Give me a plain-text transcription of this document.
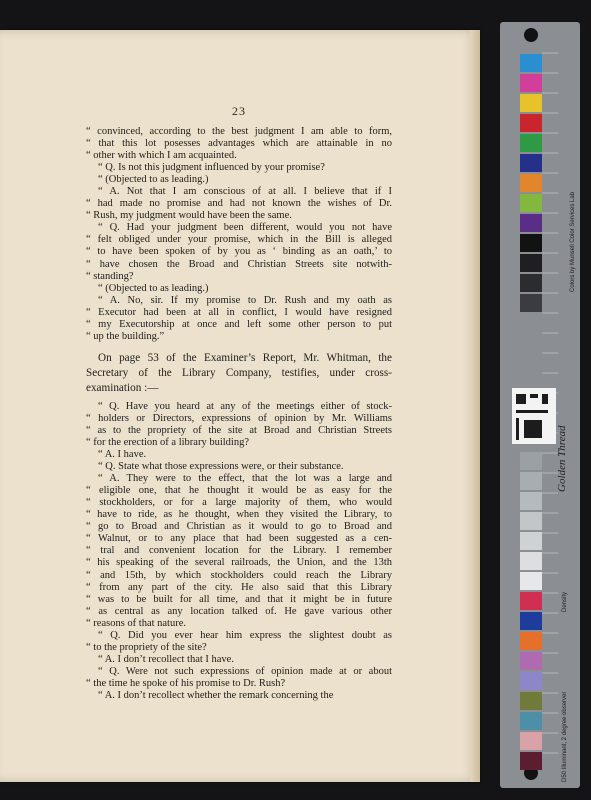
23
“ convinced, according to the best judgment I am able to form,
“ that this lot posesses advantages which are attainable in no
“ other with which I am acquainted.
“ Q. Is not this judgment influenced by your promise?
“ (Objected to as leading.)
“ A. Not that I am conscious of at all. I believe that if I
“ had made no promise and had not known the wishes of Dr.
“ Rush, my judgment would have been the same.
“ Q. Had your judgment been different, would you not have
“ felt obliged under your promise, which in the Bill is alleged
“ to have been spoken of by you as ‘ binding as an oath,’ to
“ have chosen the Broad and Christian Streets site notwith-
“ standing?
“ (Objected to as leading.)
“ A. No, sir. If my promise to Dr. Rush and my oath as
“ Executor had been at all in conflict, I would have resigned
“ my Executorship at once and left some other person to put
“ up the building.”
On page 53 of the Examiner’s Report, Mr. Whitman, the
Secretary of the Library Company, testifies, under cross-
examination :—
“ Q. Have you heard at any of the meetings either of stock-
“ holders or Directors, expressions of opinion by Mr. Williams
“ as to the propriety of the site at Broad and Christian Streets
“ for the erection of a library building?
“ A. I have.
“ Q. State what those expressions were, or their substance.
“ A. They were to the effect, that the lot was a large and
“ eligible one, that he thought it would be as easy for the
“ stockholders, or for a large majority of them, who would
“ have to ride, as he thought, when they visited the Library, to
“ go to Broad and Christian as it would to go to Broad and
“ Walnut, or to any place that had been suggested as a cen-
“ tral and convenient location for the Library. I remember
“ his speaking of the several railroads, the Union, and the 13th
“ and 15th, by which stockholders could reach the Library
“ from any part of the city. He also said that this Library
“ was to be built for all time, and that it might be in future
“ as central as any location talked of. He gave various other
“ reasons of that nature.
“ Q. Did you ever hear him express the slightest doubt as
“ to the propriety of the site?
“ A. I don’t recollect that I have.
“ Q. Were not such expressions of opinion made at or about
“ the time he spoke of his promise to Dr. Rush?
“ A. I don’t recollect whether the remark concerning the
Golden Thread
Colors by Munsell Color Services Lab
D50 Illuminant, 2 degree observer
Density
